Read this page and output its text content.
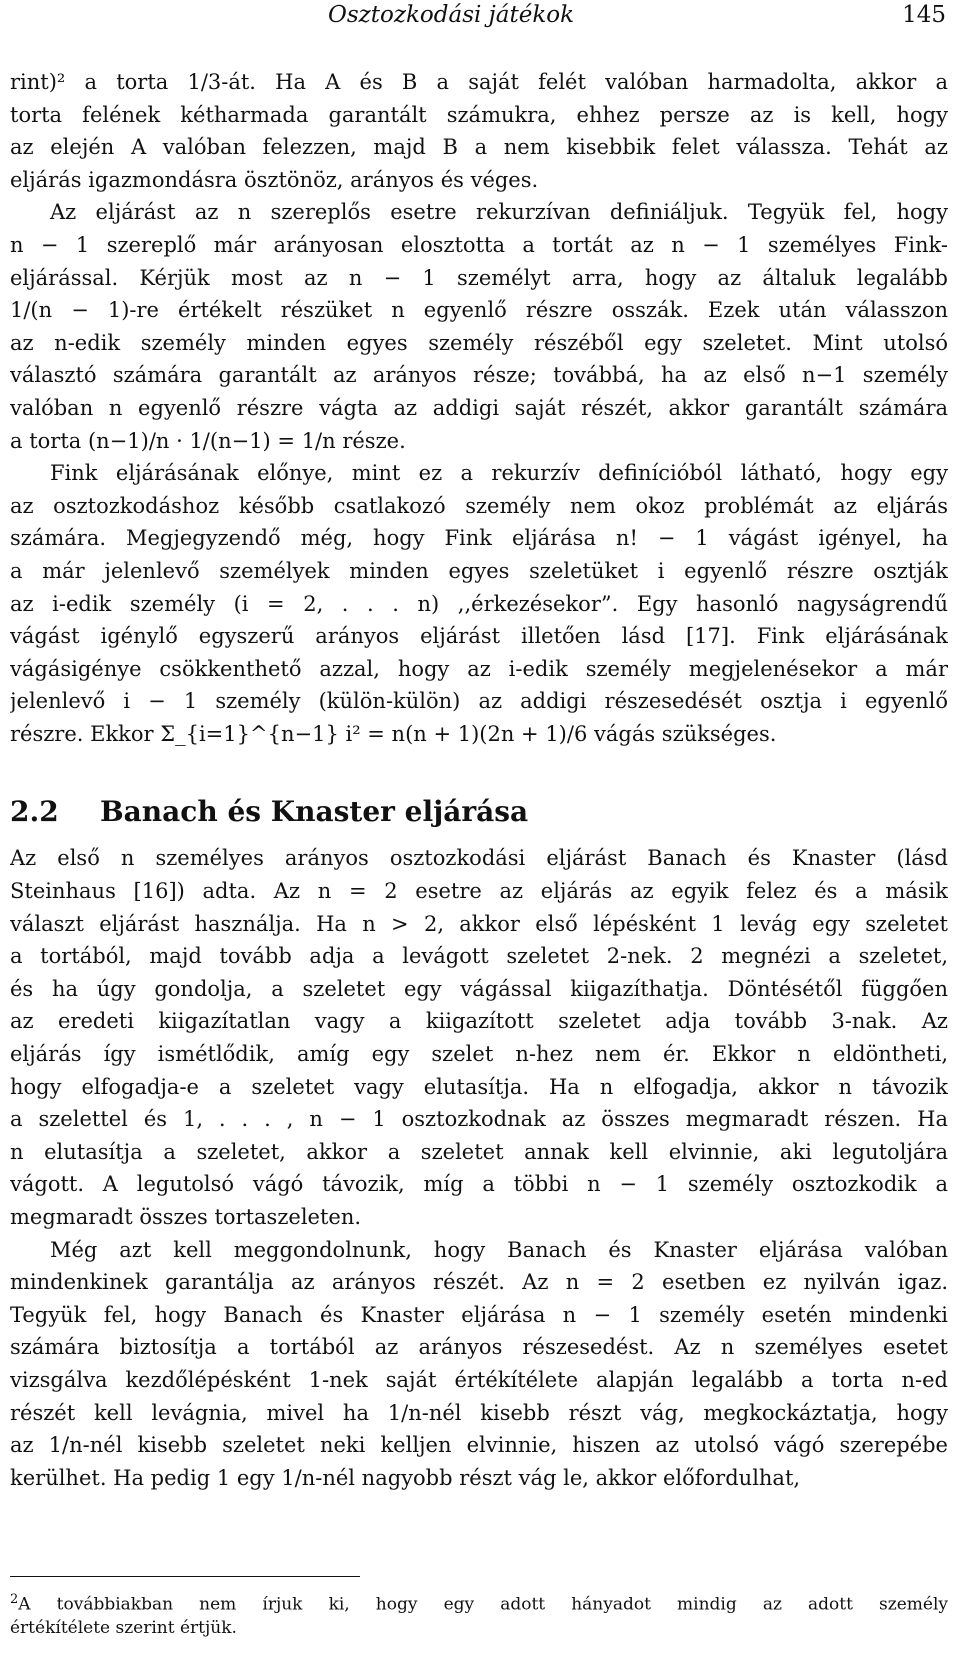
Osztozkodási játékok	145
rint)² a torta 1/3-át. Ha A és B a saját felét valóban harmadolta, akkor a
torta felének kétharmada garantált számukra, ehhez persze az is kell, hogy
az elején A valóban felezzen, majd B a nem kisebbik felet válassza. Tehát az
eljárás igazmondásra ösztönöz, arányos és véges.
Az eljárást az n szereplős esetre rekurzívan definiáljuk. Tegyük fel, hogy
n − 1 szereplő már arányosan elosztotta a tortát az n − 1 személyes Fink-
eljárással. Kérjük most az n − 1 személyt arra, hogy az általuk legalább
1/(n − 1)-re értékelt részüket n egyenlő részre osszák. Ezek után válasszon
az n-edik személy minden egyes személy részéből egy szeletet. Mint utolsó
választó számára garantált az arányos része; továbbá, ha az első n−1 személy
valóban n egyenlő részre vágta az addigi saját részét, akkor garantált számára
a torta (n−1)/n · 1/(n−1) = 1/n része.
Fink eljárásának előnye, mint ez a rekurzív definícióból látható, hogy egy
az osztozkodáshoz később csatlakozó személy nem okoz problémát az eljárás
számára. Megjegyzendő még, hogy Fink eljárása n! − 1 vágást igényel, ha
a már jelenlevő személyek minden egyes szeletüket i egyenlő részre osztják
az i-edik személy (i = 2, . . . n) ,,érkezésekor”. Egy hasonló nagyságrendű
vágást igénylő egyszerű arányos eljárást illetően lásd [17]. Fink eljárásának
vágásigénye csökkenthető azzal, hogy az i-edik személy megjelenésekor a már
jelenlevő i − 1 személy (külön-külön) az addigi részesedését osztja i egyenlő
részre. Ekkor Σ_{i=1}^{n−1} i² = n(n + 1)(2n + 1)/6 vágás szükséges.
2.2 Banach és Knaster eljárása
Az első n személyes arányos osztozkodási eljárást Banach és Knaster (lásd
Steinhaus [16]) adta. Az n = 2 esetre az eljárás az egyik felez és a másik
választ eljárást használja. Ha n > 2, akkor első lépésként 1 levág egy szeletet
a tortából, majd tovább adja a levágott szeletet 2-nek. 2 megnézi a szeletet,
és ha úgy gondolja, a szeletet egy vágással kiigazíthatja. Döntésétől függően
az eredeti kiigazítatlan vagy a kiigazított szeletet adja tovább 3-nak. Az
eljárás így ismétlődik, amíg egy szelet n-hez nem ér. Ekkor n eldöntheti,
hogy elfogadja-e a szeletet vagy elutasítja. Ha n elfogadja, akkor n távozik
a szelettel és 1, . . . , n − 1 osztozkodnak az összes megmaradt részen. Ha
n elutasítja a szeletet, akkor a szeletet annak kell elvinnie, aki legutoljára
vágott. A legutolsó vágó távozik, míg a többi n − 1 személy osztozkodik a
megmaradt összes tortaszeleten.
Még azt kell meggondolnunk, hogy Banach és Knaster eljárása valóban
mindenkinek garantálja az arányos részét. Az n = 2 esetben ez nyilván igaz.
Tegyük fel, hogy Banach és Knaster eljárása n − 1 személy esetén mindenki
számára biztosítja a tortából az arányos részesedést. Az n személyes esetet
vizsgálva kezdőlépésként 1-nek saját értékítélete alapján legalább a torta n-ed
részét kell levágnia, mivel ha 1/n-nél kisebb részt vág, megkockáztatja, hogy
az 1/n-nél kisebb szeletet neki kelljen elvinnie, hiszen az utolsó vágó szerepébe
kerülhet. Ha pedig 1 egy 1/n-nél nagyobb részt vág le, akkor előfordulhat,
$^2$A továbbiakban nem írjuk ki, hogy egy adott hányadot mindig az adott személy
értékítélete szerint értjük.
